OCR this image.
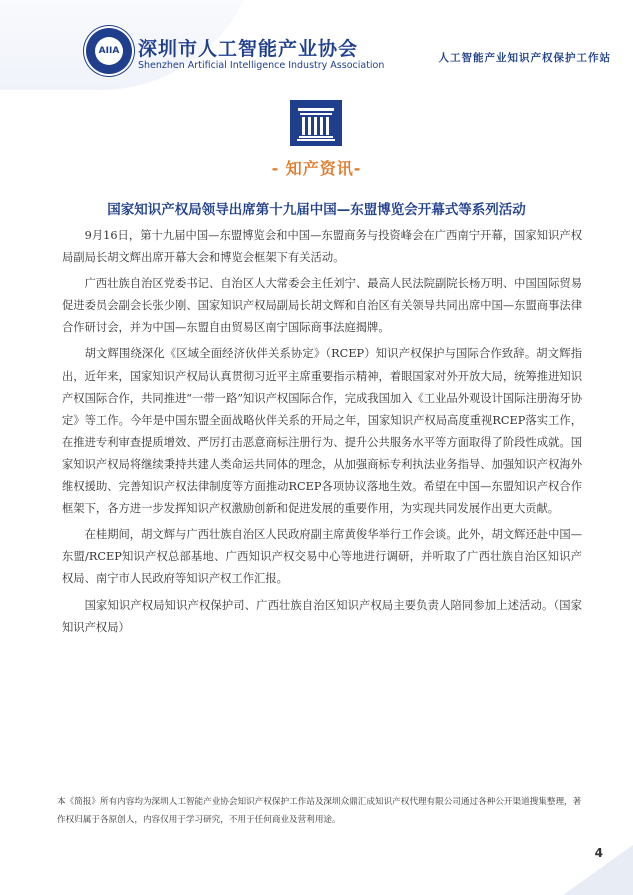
AIIA 深圳市人工智能产业协会
Shenzhen Artificial Intelligence Industry Association
人工智能产业知识产权保护工作站
- 知产资讯-
国家知识产权局领导出席第十九届中国—东盟博览会开幕式等系列活动

9月16日，第十九届中国—东盟博览会和中国—东盟商务与投资峰会在广西南宁开幕，国家知识产权局副局长胡文辉出席开幕大会和博览会框架下有关活动。

广西壮族自治区党委书记、自治区人大常委会主任刘宁、最高人民法院副院长杨万明、中国国际贸易促进委员会副会长张少刚、国家知识产权局副局长胡文辉和自治区有关领导共同出席中国—东盟商事法律合作研讨会，并为中国—东盟自由贸易区南宁国际商事法庭揭牌。

胡文辉围绕深化《区域全面经济伙伴关系协定》（RCEP）知识产权保护与国际合作致辞。胡文辉指出，近年来，国家知识产权局认真贯彻习近平主席重要指示精神，着眼国家对外开放大局，统筹推进知识产权国际合作，共同推进“一带一路”知识产权国际合作，完成我国加入《工业品外观设计国际注册海牙协定》等工作。今年是中国东盟全面战略伙伴关系的开局之年，国家知识产权局高度重视RCEP落实工作，在推进专利审查提质增效、严厉打击恶意商标注册行为、提升公共服务水平等方面取得了阶段性成就。国家知识产权局将继续秉持共建人类命运共同体的理念，从加强商标专利执法业务指导、加强知识产权海外维权援助、完善知识产权法律制度等方面推动RCEP各项协议落地生效。希望在中国—东盟知识产权合作框架下，各方进一步发挥知识产权激励创新和促进发展的重要作用，为实现共同发展作出更大贡献。

在桂期间，胡文辉与广西壮族自治区人民政府副主席黄俊华举行工作会谈。此外，胡文辉还赴中国—东盟/RCEP知识产权总部基地、广西知识产权交易中心等地进行调研，并听取了广西壮族自治区知识产权局、南宁市人民政府等知识产权工作汇报。

国家知识产权局知识产权保护司、广西壮族自治区知识产权局主要负责人陪同参加上述活动。（国家知识产权局）

本《简报》所有内容均为深圳人工智能产业协会知识产权保护工作站及深圳众鼎汇成知识产权代理有限公司通过各种公开渠道搜集整理，著作权归属于各原创人，内容仅用于学习研究，不用于任何商业及营利用途。
4
